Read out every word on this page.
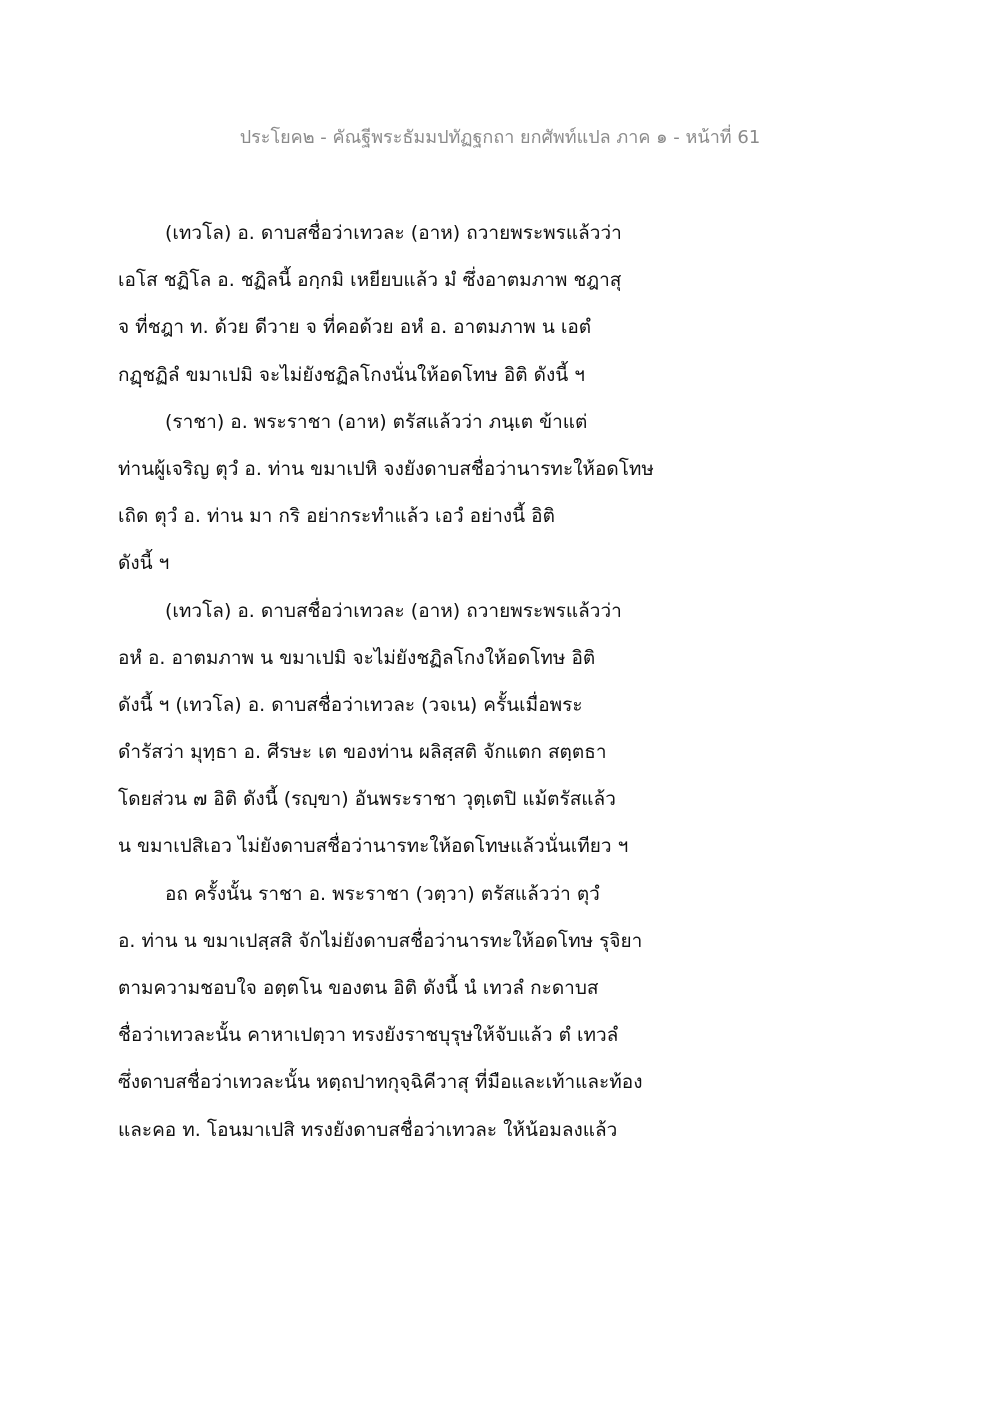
ประโยค๒ - คัณฐีพระธัมมปทัฏฐกถา ยกศัพท์แปล ภาค ๑ - หน้าที่ 61
(เทวโล) อ. ดาบสชื่อว่าเทวละ (อาห) ถวายพระพรแล้วว่า
เอโส ชฏิโล อ. ชฏิลนี้ อกฺกมิ เหยียบแล้ว มํ ซึ่งอาตมภาพ ชฎาสุ
จ ที่ชฎา ท. ด้วย ดีวาย จ ที่คอด้วย อหํ อ. อาตมภาพ น เอตํ
กฏฺชฏิลํ ขมาเปมิ จะไม่ยังชฏิลโกงนั่นให้อดโทษ อิติ ดังนี้ ฯ
(ราชา) อ. พระราชา (อาห) ตรัสแล้วว่า ภนฺเต ข้าแต่
ท่านผู้เจริญ ตุวํ อ. ท่าน ขมาเปหิ จงยังดาบสชื่อว่านารทะให้อดโทษ
เถิด ตุวํ อ. ท่าน มา กริ อย่ากระทำแล้ว เอวํ อย่างนี้ อิติ
ดังนี้ ฯ
(เทวโล) อ. ดาบสชื่อว่าเทวละ (อาห) ถวายพระพรแล้วว่า
อหํ อ. อาตมภาพ น ขมาเปมิ จะไม่ยังชฏิลโกงให้อดโทษ อิติ
ดังนี้ ฯ (เทวโล) อ. ดาบสชื่อว่าเทวละ (วจเน) ครั้นเมื่อพระ
ดำรัสว่า มุทฺธา อ. ศีรษะ เต ของท่าน ผลิสฺสติ จักแตก สตฺตธา
โดยส่วน ๗ อิติ ดังนี้ (รญฺขา) อันพระราชา วุตฺเตปิ แม้ตรัสแล้ว
น ขมาเปสิเอว ไม่ยังดาบสชื่อว่านารทะให้อดโทษแล้วนั่นเทียว ฯ
อถ ครั้งนั้น ราชา อ. พระราชา (วตฺวา) ตรัสแล้วว่า ตุวํ
อ. ท่าน น ขมาเปสฺสสิ จักไม่ยังดาบสชื่อว่านารทะให้อดโทษ รุจิยา
ตามความชอบใจ อตฺตโน ของตน อิติ ดังนี้ นํ เทวลํ กะดาบส
ชื่อว่าเทวละนั้น คาหาเปตฺวา ทรงยังราชบุรุษให้จับแล้ว ตํ เทวลํ
ซึ่งดาบสชื่อว่าเทวละนั้น หตฺถปาทกุจฺฉิคีวาสุ ที่มือและเท้าและท้อง
และคอ ท. โอนมาเปสิ ทรงยังดาบสชื่อว่าเทวละ ให้น้อมลงแล้ว
